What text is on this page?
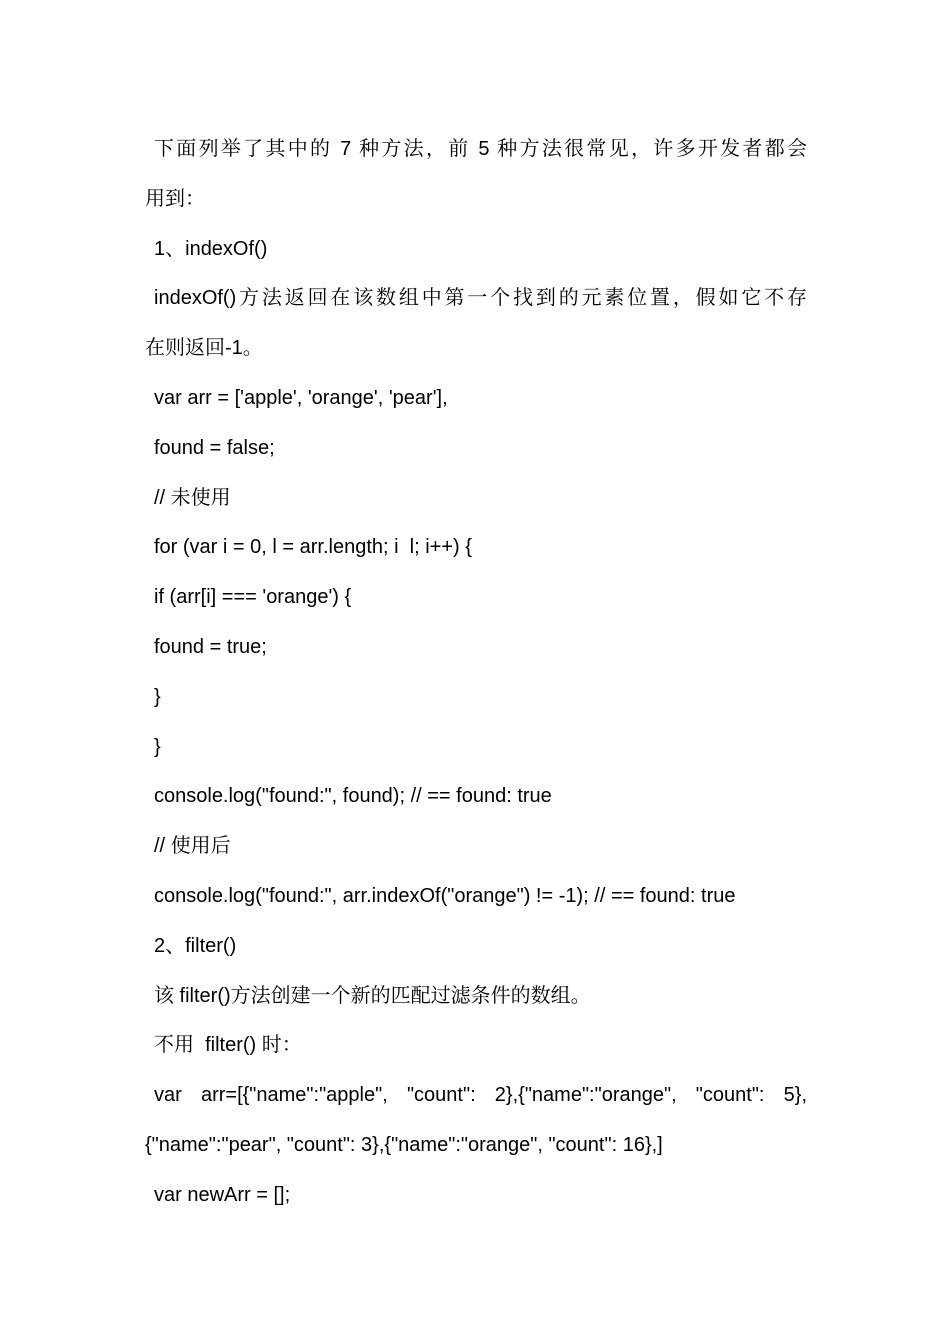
下面列举了其中的 7 种方法，前 5 种方法很常见，许多开发者都会
用到：
1、indexOf()
indexOf()方法返回在该数组中第一个找到的元素位置，假如它不存
在则返回-1。
var arr = ['apple', 'orange', 'pear'],
found = false;
// 未使用
for (var i = 0, l = arr.length; i  l; i++) {
if (arr[i] === 'orange') {
found = true;
}
}
console.log("found:", found); // == found: true
// 使用后
console.log("found:", arr.indexOf("orange") != -1); // == found: true
2、filter()
该 filter()方法创建一个新的匹配过滤条件的数组。
不用  filter() 时：
var arr=[{"name":"apple", "count": 2},{"name":"orange", "count": 5},
{"name":"pear", "count": 3},{"name":"orange", "count": 16},]
var newArr = [];
